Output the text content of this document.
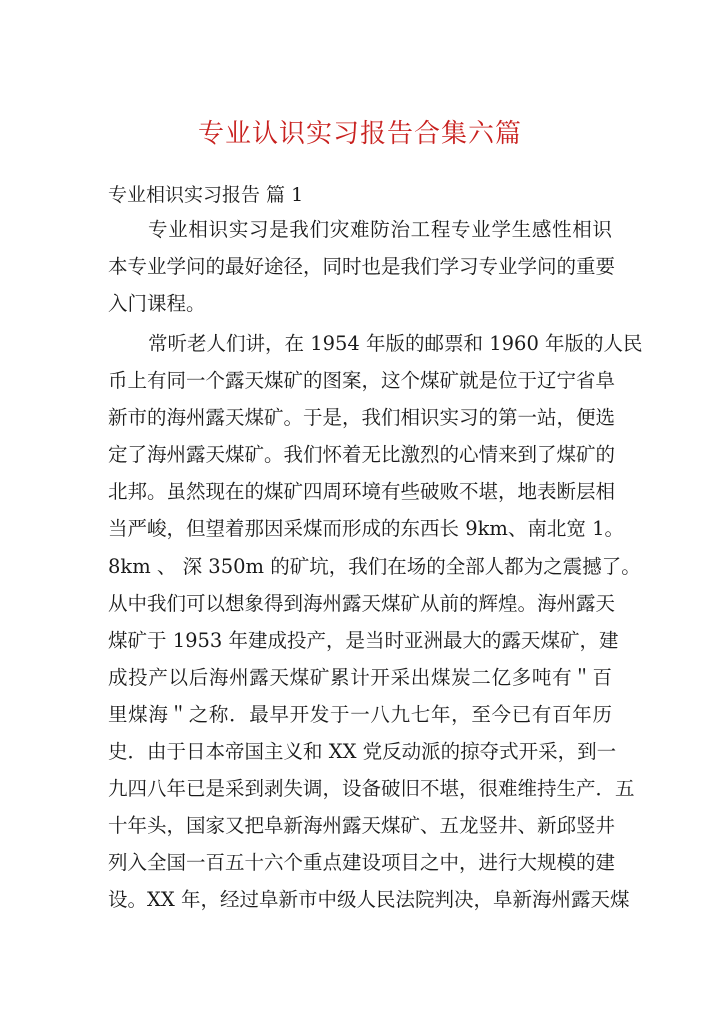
专业认识实习报告合集六篇
专业相识实习报告 篇 1
专业相识实习是我们灾难防治工程专业学生感性相识
本专业学问的最好途径，同时也是我们学习专业学问的重要
入门课程。
常听老人们讲，在 1954 年版的邮票和 1960 年版的人民
币上有同一个露天煤矿的图案，这个煤矿就是位于辽宁省阜
新市的海州露天煤矿。于是，我们相识实习的第一站，便选
定了海州露天煤矿。我们怀着无比激烈的心情来到了煤矿的
北邦。虽然现在的煤矿四周环境有些破败不堪，地表断层相
当严峻，但望着那因采煤而形成的东西长 9km、南北宽 1。
8km 、 深 350m 的矿坑，我们在场的全部人都为之震撼了。
从中我们可以想象得到海州露天煤矿从前的辉煌。海州露天
煤矿于 1953 年建成投产，是当时亚洲最大的露天煤矿，建
成投产以后海州露天煤矿累计开采出煤炭二亿多吨有＂百
里煤海＂之称．最早开发于一八九七年，至今已有百年历
史．由于日本帝国主义和 XX 党反动派的掠夺式开采，到一
九四八年已是采到剥失调，设备破旧不堪，很难维持生产．五
十年头，国家又把阜新海州露天煤矿、五龙竖井、新邱竖井
列入全国一百五十六个重点建设项目之中，进行大规模的建
设。XX 年，经过阜新市中级人民法院判决，阜新海州露天煤
